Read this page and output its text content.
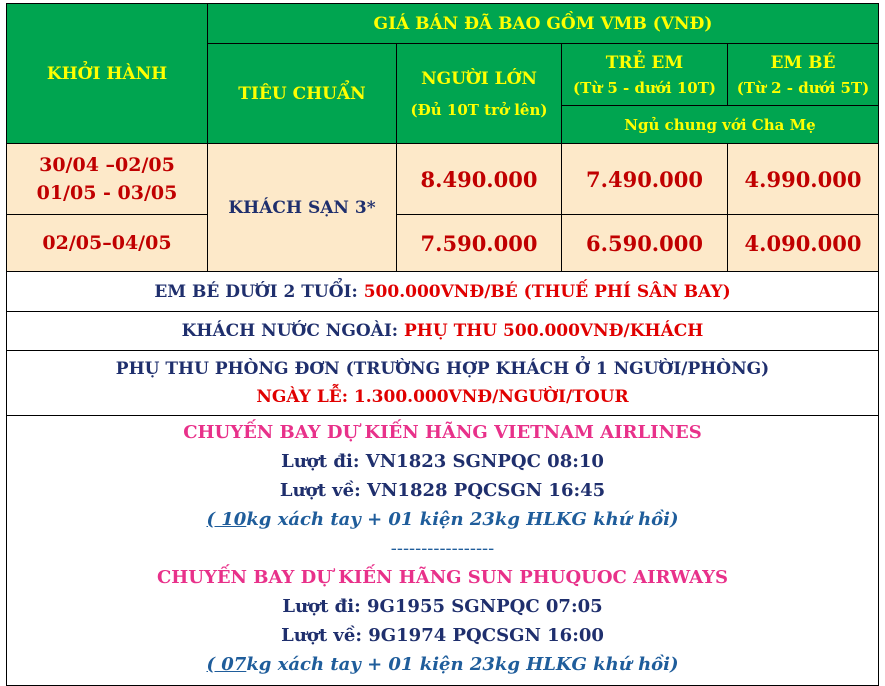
KHỞI HÀNH
GIÁ BÁN ĐÃ BAO GỒM VMB (VNĐ)
TIÊU CHUẨN
NGƯỜI LỚN
(Đủ 10T trở lên)
TRẺ EM
(Từ 5 - dưới 10T)
EM BÉ
(Từ 2 - dưới 5T)
Ngủ chung với Cha Mẹ
30/04 –02/05
01/05 - 03/05
KHÁCH SẠN 3*
8.490.000 7.490.000 4.990.000
02/05–04/05	7.590.000 6.590.000 4.090.000
EM BÉ DƯỚI 2 TUỔI: 500.000VNĐ/BÉ (THUẾ PHÍ SÂN BAY)
KHÁCH NƯỚC NGOÀI: PHỤ THU 500.000VNĐ/KHÁCH
PHỤ THU PHÒNG ĐƠN (TRƯỜNG HỢP KHÁCH Ở 1 NGƯỜI/PHÒNG)
NGÀY LỄ: 1.300.000VNĐ/NGƯỜI/TOUR
CHUYẾN BAY DỰ KIẾN HÃNG VIETNAM AIRLINES
Lượt đi: VN1823 SGNPQC 08:10
Lượt về: VN1828 PQCSGN 16:45
( 10kg xách tay + 01 kiện 23kg HLKG khứ hồi)
-----------------
CHUYẾN BAY DỰ KIẾN HÃNG SUN PHUQUOC AIRWAYS
Lượt đi: 9G1955 SGNPQC 07:05
Lượt về: 9G1974 PQCSGN 16:00
( 07kg xách tay + 01 kiện 23kg HLKG khứ hồi)
